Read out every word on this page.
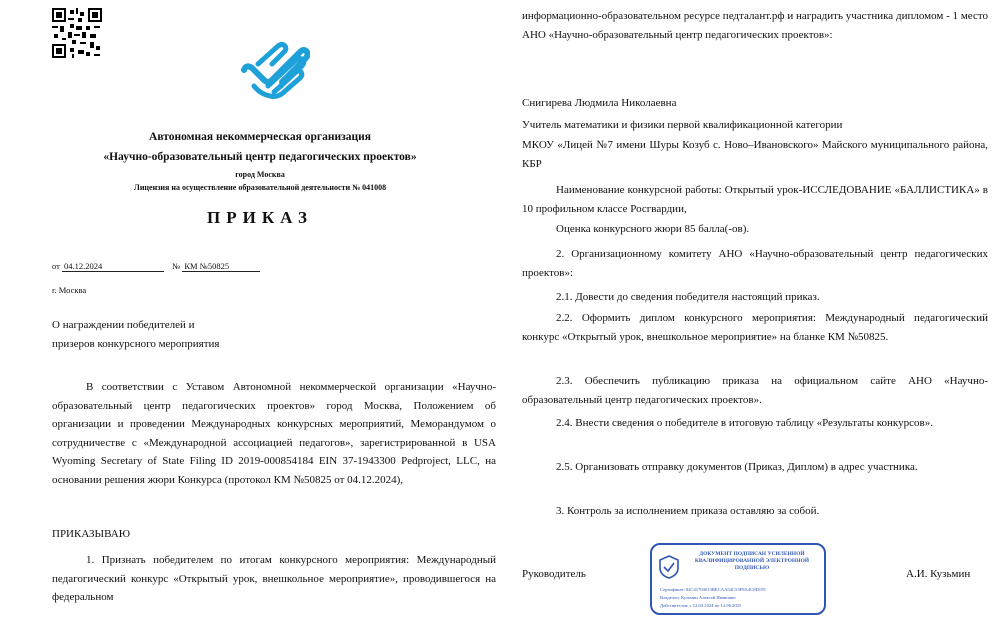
Автономная некоммерческая организация
«Научно-образовательный центр педагогических проектов»
город Москва
Лицензия на осуществление образовательной деятельности № 041008
ПРИКАЗ
от 04.12.2024	№ КМ №50825
г. Москва
О награждении победителей и
призеров конкурсного мероприятия
В соответствии с Уставом Автономной некоммерческой организации «Научно-образовательный центр педагогических проектов» город Москва, Положением об организации и проведении Международных конкурсных мероприятий, Меморандумом о сотрудничестве с «Международной ассоциацией педагогов», зарегистрированной в USA Wyoming Secretary of State Filing ID 2019-000854184 EIN 37-1943300 Pedproject, LLC, на основании решения жюри Конкурса (протокол КМ №50825 от 04.12.2024),
ПРИКАЗЫВАЮ
1. Признать победителем по итогам конкурсного мероприятия: Международный педагогический конкурс «Открытый урок, внешкольное мероприятие», проводившегося на федеральном
информационно-образовательном ресурсе педталант.рф и наградить участника дипломом - 1 место АНО «Научно-образовательный центр педагогических проектов»:
Снигирева Людмила Николаевна
Учитель математики и физики первой квалификационной категории
МКОУ «Лицей №7 имени Шуры Козуб с. Ново–Ивановского» Майского муниципального района, КБР
Наименование конкурсной работы: Открытый урок-ИССЛЕДОВАНИЕ «БАЛЛИСТИКА» в 10 профильном классе Росгвардии,
Оценка конкурсного жюри 85 балла(-ов).
2. Организационному комитету АНО «Научно-образовательный центр педагогических проектов»:
2.1. Довести до сведения победителя настоящий приказ.
2.2. Оформить диплом конкурсного мероприятия: Международный педагогический конкурс «Открытый урок, внешкольное мероприятие» на бланке КМ №50825.
2.3. Обеспечить публикацию приказа на официальном сайте АНО «Научно-образовательный центр педагогических проектов».
2.4. Внести сведения о победителе в итоговую таблицу «Результаты конкурсов».
2.5. Организовать отправку документов (Приказ, Диплом) в адрес участника.
3. Контроль за исполнением приказа оставляю за собой.
Руководитель	А.И. Кузьмин
ДОКУМЕНТ ПОДПИСАН УСИЛЕННОЙ КВАЛИФИЦИРОВАННОЙ ЭЛЕКТРОННОЙ ПОДПИСЬЮ
Сертификат: 02C41703013BECAA54C53F8A4C8D195
Владелец: Кузьмин Алексей Иванович
Действителен: с 12.03.2024 по 12.06.2025
